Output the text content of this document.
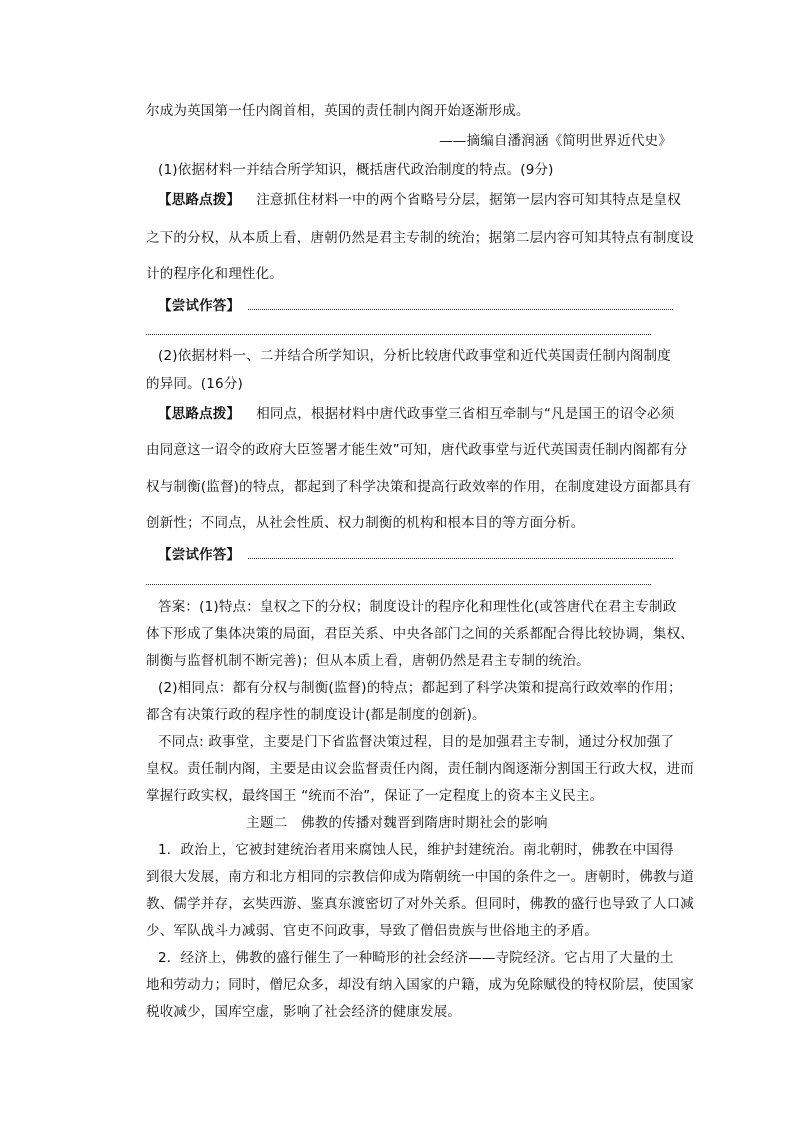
尔成为英国第一任内阁首相，英国的责任制内阁开始逐渐形成。
——摘编自潘润涵《简明世界近代史》
(1)依据材料一并结合所学知识，概括唐代政治制度的特点。(9分)
【思路点拨】 注意抓住材料一中的两个省略号分层，据第一层内容可知其特点是皇权
之下的分权，从本质上看，唐朝仍然是君主专制的统治；据第二层内容可知其特点有制度设
计的程序化和理性化。
【尝试作答】
(2)依据材料一、二并结合所学知识，分析比较唐代政事堂和近代英国责任制内阁制度
的异同。(16分)
【思路点拨】 相同点，根据材料中唐代政事堂三省相互牵制与“凡是国王的诏令必须
由同意这一诏令的政府大臣签署才能生效”可知，唐代政事堂与近代英国责任制内阁都有分
权与制衡(监督)的特点，都起到了科学决策和提高行政效率的作用，在制度建设方面都具有
创新性；不同点，从社会性质、权力制衡的机构和根本目的等方面分析。
【尝试作答】
答案：(1)特点：皇权之下的分权；制度设计的程序化和理性化(或答唐代在君主专制政
体下形成了集体决策的局面，君臣关系、中央各部门之间的关系都配合得比较协调，集权、
制衡与监督机制不断完善)；但从本质上看，唐朝仍然是君主专制的统治。
(2)相同点：都有分权与制衡(监督)的特点；都起到了科学决策和提高行政效率的作用；
都含有决策行政的程序性的制度设计(都是制度的创新)。
不同点: 政事堂，主要是门下省监督决策过程，目的是加强君主专制，通过分权加强了
皇权。责任制内阁，主要是由议会监督责任内阁，责任制内阁逐渐分割国王行政大权，进而
掌握行政实权，最终国王 “统而不治”，保证了一定程度上的资本主义民主。
主题二　佛教的传播对魏晋到隋唐时期社会的影响
1．政治上，它被封建统治者用来腐蚀人民，维护封建统治。南北朝时，佛教在中国得
到很大发展，南方和北方相同的宗教信仰成为隋朝统一中国的条件之一。唐朝时，佛教与道
教、儒学并存，玄奘西游、鉴真东渡密切了对外关系。但同时，佛教的盛行也导致了人口减
少、军队战斗力减弱、官吏不问政事，导致了僧侣贵族与世俗地主的矛盾。
2．经济上，佛教的盛行催生了一种畸形的社会经济——寺院经济。它占用了大量的土
地和劳动力；同时，僧尼众多，却没有纳入国家的户籍，成为免除赋役的特权阶层，使国家
税收减少，国库空虚，影响了社会经济的健康发展。
